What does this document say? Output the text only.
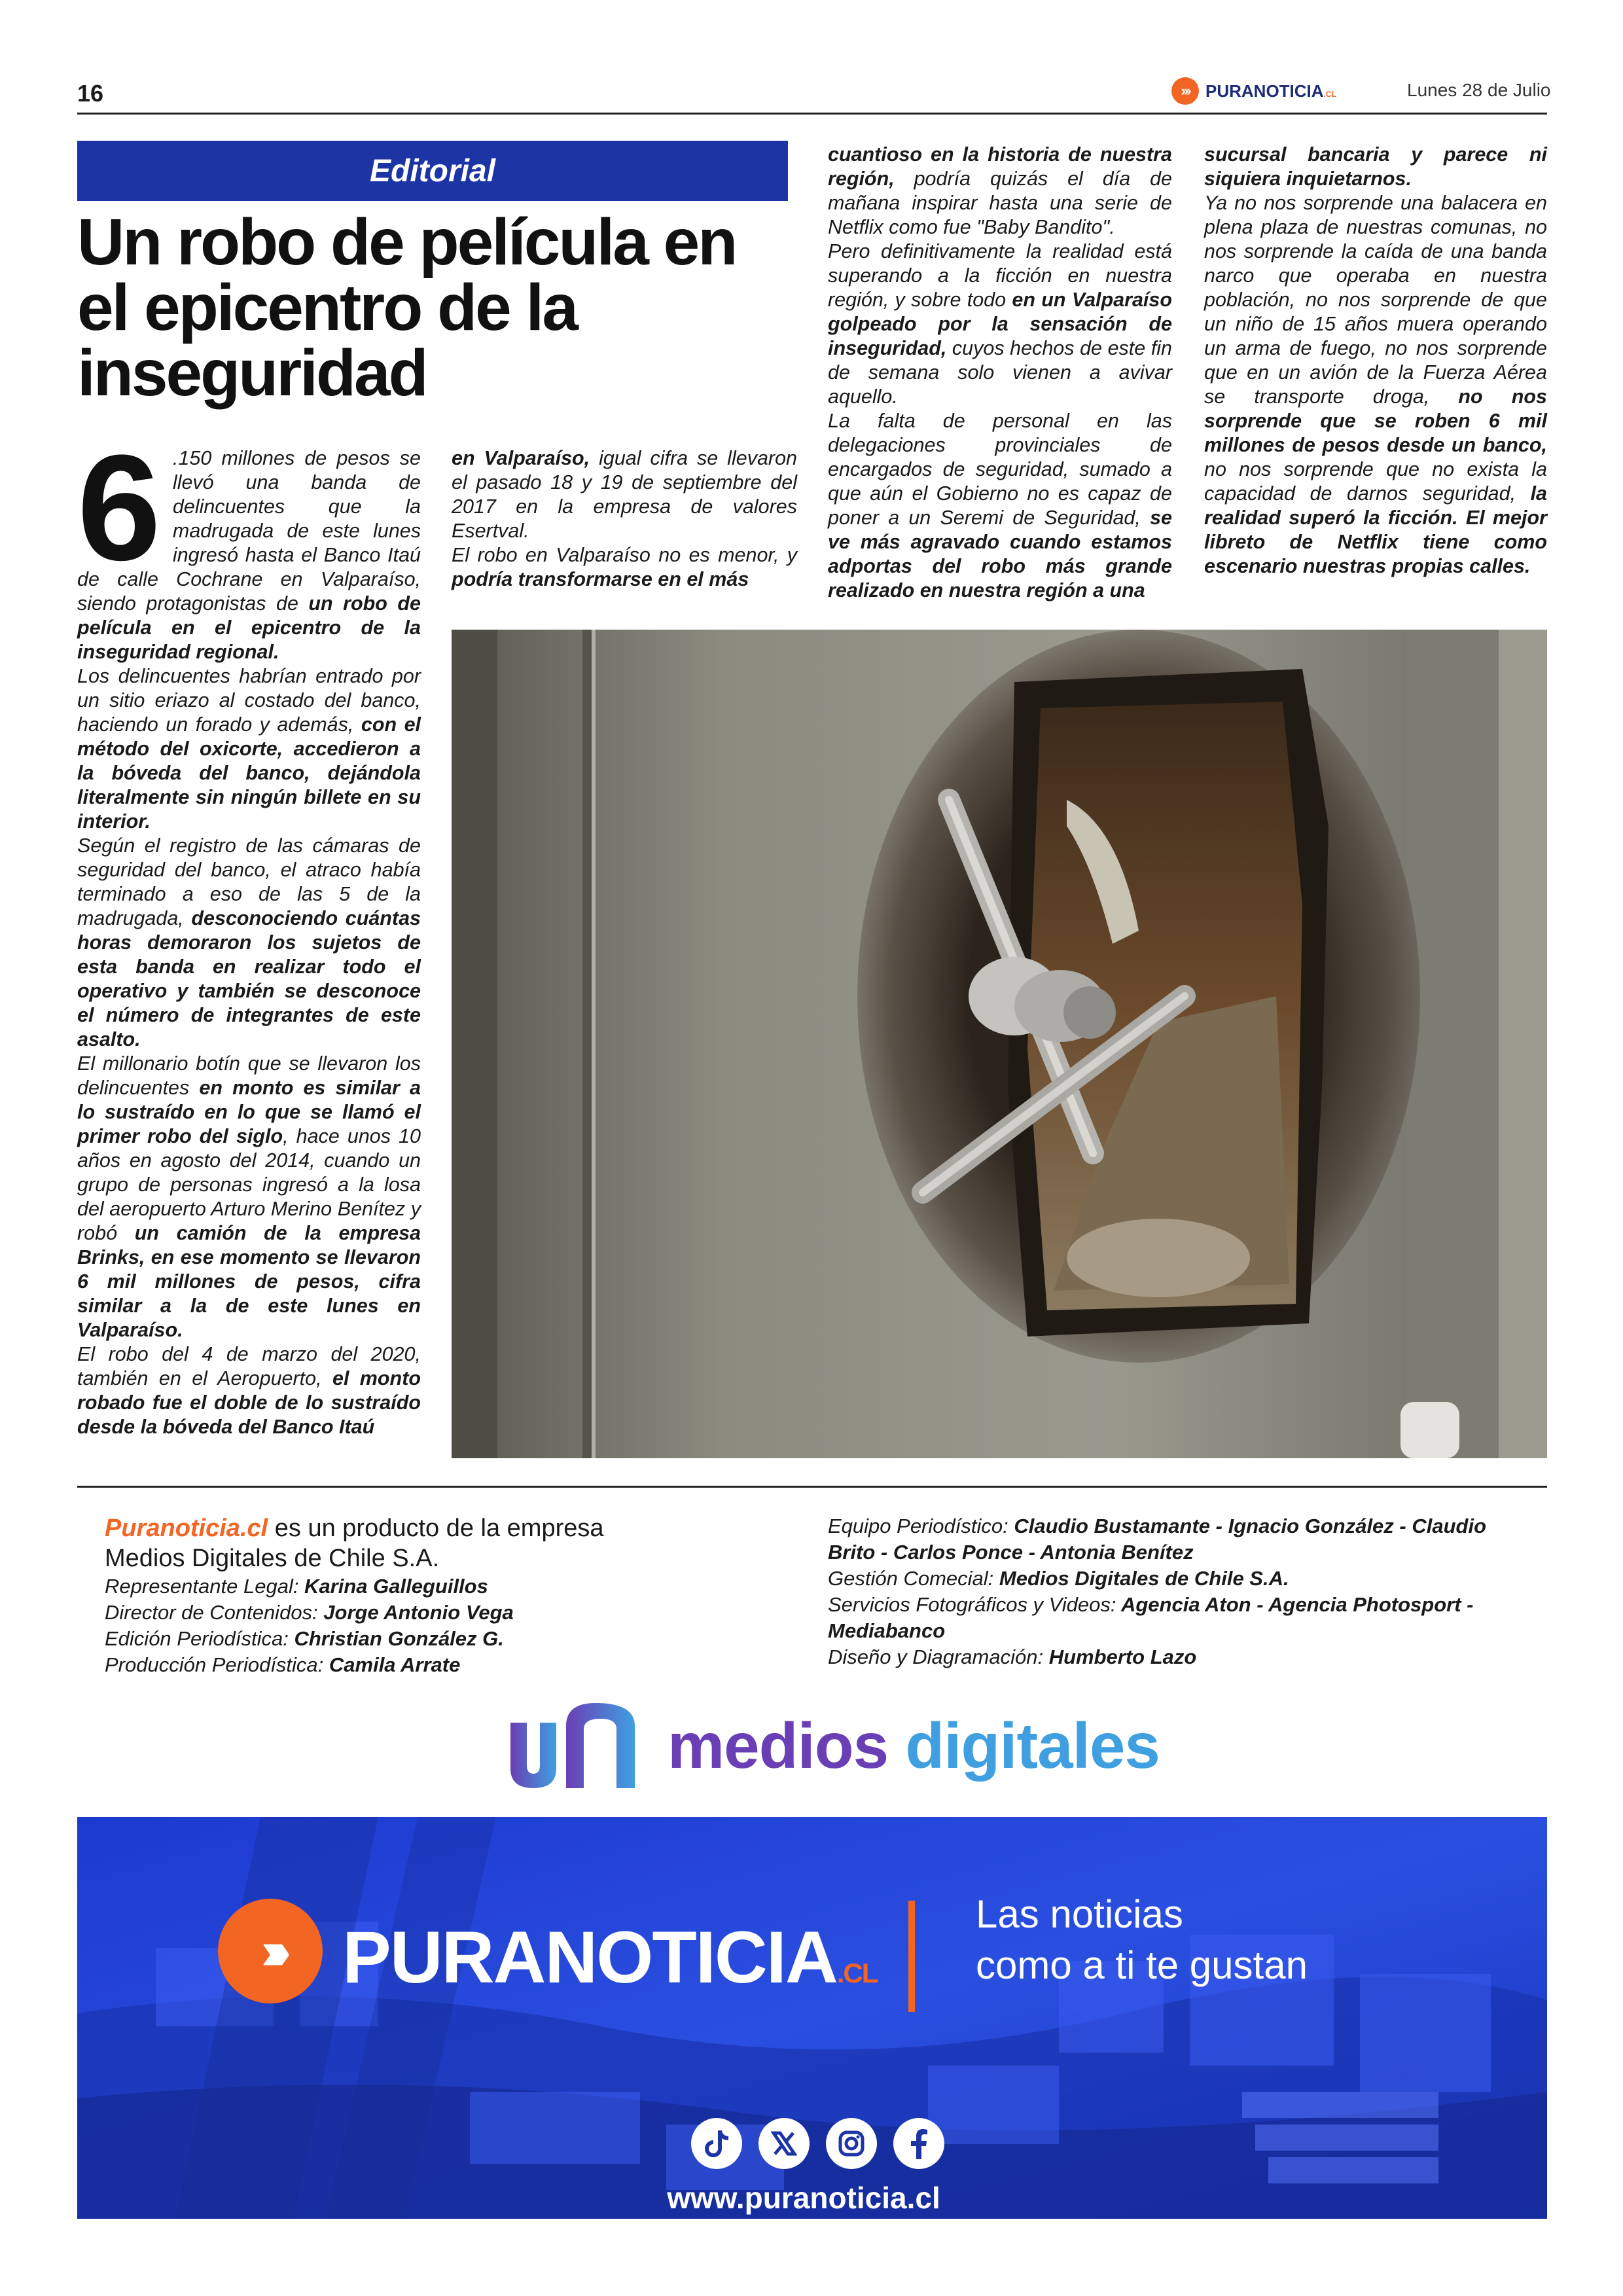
16	››› PURANOTICIA.CL	Lunes 28 de Julio
Editorial
Un robo de película en el epicentro de la inseguridad
6 .150 millones de pesos se llevó una banda de delincuentes que la madrugada de este lunes ingresó hasta el Banco Itaú de calle Cochrane en Valparaíso, siendo protagonistas de un robo de película en el epicentro de la inseguridad regional.

Los delincuentes habrían entrado por un sitio eriazo al costado del banco, haciendo un forado y además, con el método del oxicorte, accedieron a la bóveda del banco, dejándola literalmente sin ningún billete en su interior.

Según el registro de las cámaras de seguridad del banco, el atraco había terminado a eso de las 5 de la madrugada, desconociendo cuántas horas demoraron los sujetos de esta banda en realizar todo el operativo y también se desconoce el número de integrantes de este asalto.

El millonario botín que se llevaron los delincuentes en monto es similar a lo sustraído en lo que se llamó el primer robo del siglo, hace unos 10 años en agosto del 2014, cuando un grupo de personas ingresó a la losa del aeropuerto Arturo Merino Benítez y robó un camión de la empresa Brinks, en ese momento se llevaron 6 mil millones de pesos, cifra similar a la de este lunes en Valparaíso.

El robo del 4 de marzo del 2020, también en el Aeropuerto, el monto robado fue el doble de lo sustraído desde la bóveda del Banco Itaú

en Valparaíso, igual cifra se llevaron el pasado 18 y 19 de septiembre del 2017 en la empresa de valores Esertval.

El robo en Valparaíso no es menor, y podría transformarse en el más

cuantioso en la historia de nuestra región, podría quizás el día de mañana inspirar hasta una serie de Netflix como fue "Baby Bandito".

Pero definitivamente la realidad está superando a la ficción en nuestra región, y sobre todo en un Valparaíso golpeado por la sensación de inseguridad, cuyos hechos de este fin de semana solo vienen a avivar aquello.

La falta de personal en las delegaciones provinciales de encargados de seguridad, sumado a que aún el Gobierno no es capaz de poner a un Seremi de Seguridad, se ve más agravado cuando estamos adportas del robo más grande realizado en nuestra región a una

sucursal bancaria y parece ni siquiera inquietarnos.

Ya no nos sorprende una balacera en plena plaza de nuestras comunas, no nos sorprende la caída de una banda narco que operaba en nuestra población, no nos sorprende de que un niño de 15 años muera operando un arma de fuego, no nos sorprende que en un avión de la Fuerza Aérea se transporte droga, no nos sorprende que se roben 6 mil millones de pesos desde un banco, no nos sorprende que no exista la capacidad de darnos seguridad, la realidad superó la ficción. El mejor libreto de Netflix tiene como escenario nuestras propias calles.

Puranoticia.cl es un producto de la empresa
Medios Digitales de Chile S.A.
Representante Legal: Karina Galleguillos
Director de Contenidos: Jorge Antonio Vega
Edición Periodística: Christian González G.
Producción Periodística: Camila Arrate
Equipo Periodístico: Claudio Bustamante - Ignacio González - Claudio Brito - Carlos Ponce - Antonia Benítez
Gestión Comecial: Medios Digitales de Chile S.A.
Servicios Fotográficos y Videos: Agencia Aton - Agencia Photosport - Mediabanco
Diseño y Diagramación: Humberto Lazo
medios digitales
››› PURANOTICIA.CL
Las noticias
como a ti te gustan
www.puranoticia.cl
